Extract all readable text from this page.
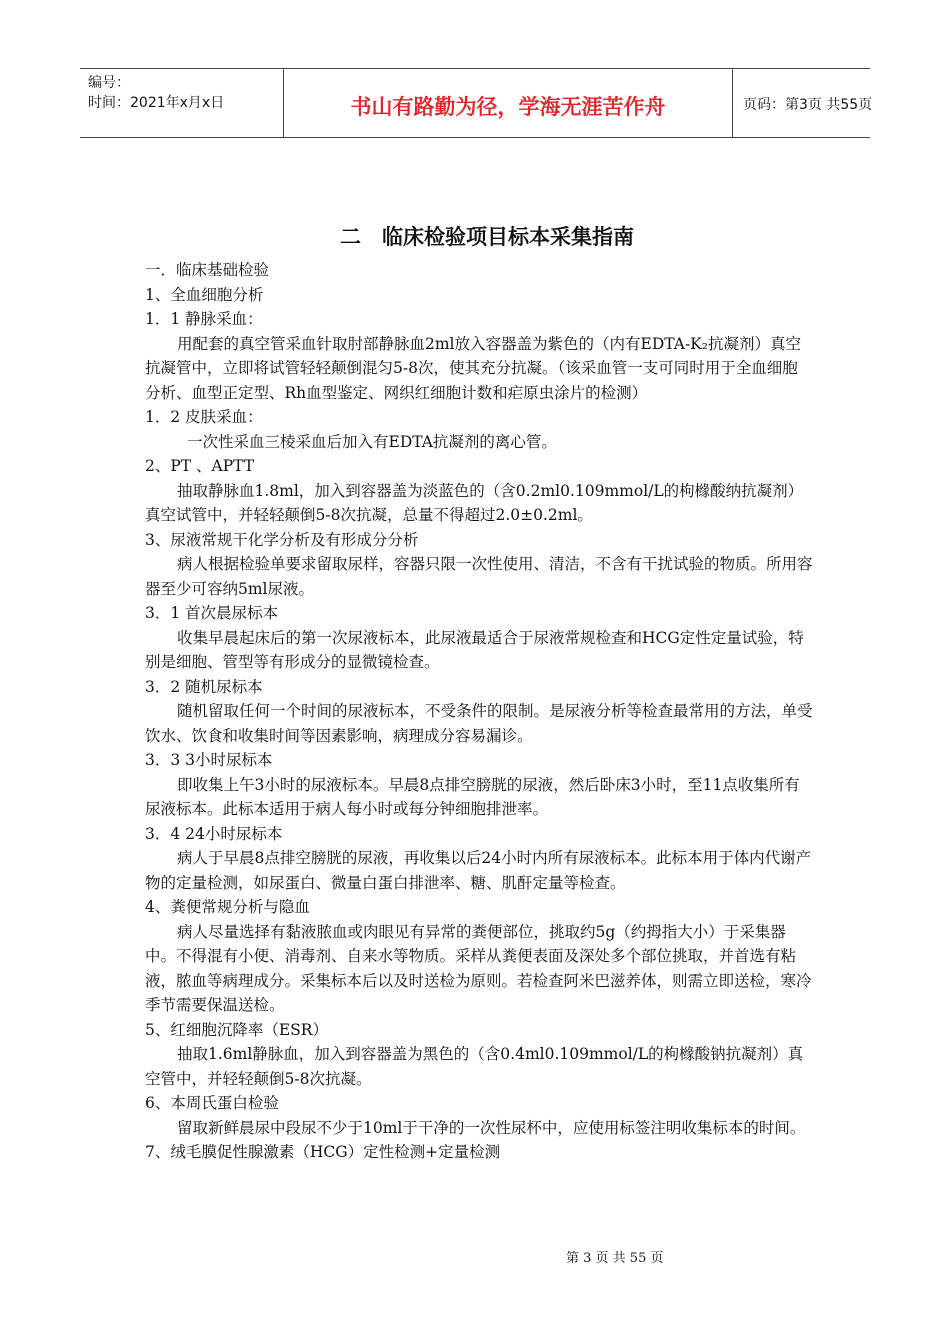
编号：
时间：2021年x月x日	书山有路勤为径，学海无涯苦作舟	页码：第3页 共55页
二　临床检验项目标本采集指南

一．临床基础检验

1、全血细胞分析

1．1 静脉采血：

用配套的真空管采血针取肘部静脉血2ml放入容器盖为紫色的（内有EDTA-K₂抗凝剂）真空抗凝管中，立即将试管轻轻颠倒混匀5-8次，使其充分抗凝。（该采血管一支可同时用于全血细胞分析、血型正定型、Rh血型鉴定、网织红细胞计数和疟原虫涂片的检测）

1．2 皮肤采血：

一次性采血三棱采血后加入有EDTA抗凝剂的离心管。

2、PT 、APTT

抽取静脉血1.8ml，加入到容器盖为淡蓝色的（含0.2ml0.109mmol/L的枸橼酸纳抗凝剂）真空试管中，并轻轻颠倒5-8次抗凝，总量不得超过2.0±0.2ml。

3、尿液常规干化学分析及有形成分分析

病人根据检验单要求留取尿样，容器只限一次性使用、清洁，不含有干扰试验的物质。所用容器至少可容纳5ml尿液。

3．1 首次晨尿标本

收集早晨起床后的第一次尿液标本，此尿液最适合于尿液常规检查和HCG定性定量试验，特别是细胞、管型等有形成分的显微镜检查。

3．2 随机尿标本

随机留取任何一个时间的尿液标本，不受条件的限制。是尿液分析等检查最常用的方法，单受饮水、饮食和收集时间等因素影响，病理成分容易漏诊。

3．3 3小时尿标本

即收集上午3小时的尿液标本。早晨8点排空膀胱的尿液，然后卧床3小时，至11点收集所有尿液标本。此标本适用于病人每小时或每分钟细胞排泄率。

3．4 24小时尿标本

病人于早晨8点排空膀胱的尿液，再收集以后24小时内所有尿液标本。此标本用于体内代谢产物的定量检测，如尿蛋白、微量白蛋白排泄率、糖、肌酐定量等检查。

4、粪便常规分析与隐血

病人尽量选择有黏液脓血或肉眼见有异常的粪便部位，挑取约5g（约拇指大小）于采集器中。不得混有小便、消毒剂、自来水等物质。采样从粪便表面及深处多个部位挑取，并首选有粘液，脓血等病理成分。采集标本后以及时送检为原则。若检查阿米巴滋养体，则需立即送检，寒冷季节需要保温送检。

5、红细胞沉降率（ESR）

抽取1.6ml静脉血，加入到容器盖为黑色的（含0.4ml0.109mmol/L的枸橼酸钠抗凝剂）真空管中，并轻轻颠倒5-8次抗凝。

6、本周氏蛋白检验

留取新鲜晨尿中段尿不少于10ml于干净的一次性尿杯中，应使用标签注明收集标本的时间。

7、绒毛膜促性腺激素（HCG）定性检测+定量检测

第 3 页 共 55 页
